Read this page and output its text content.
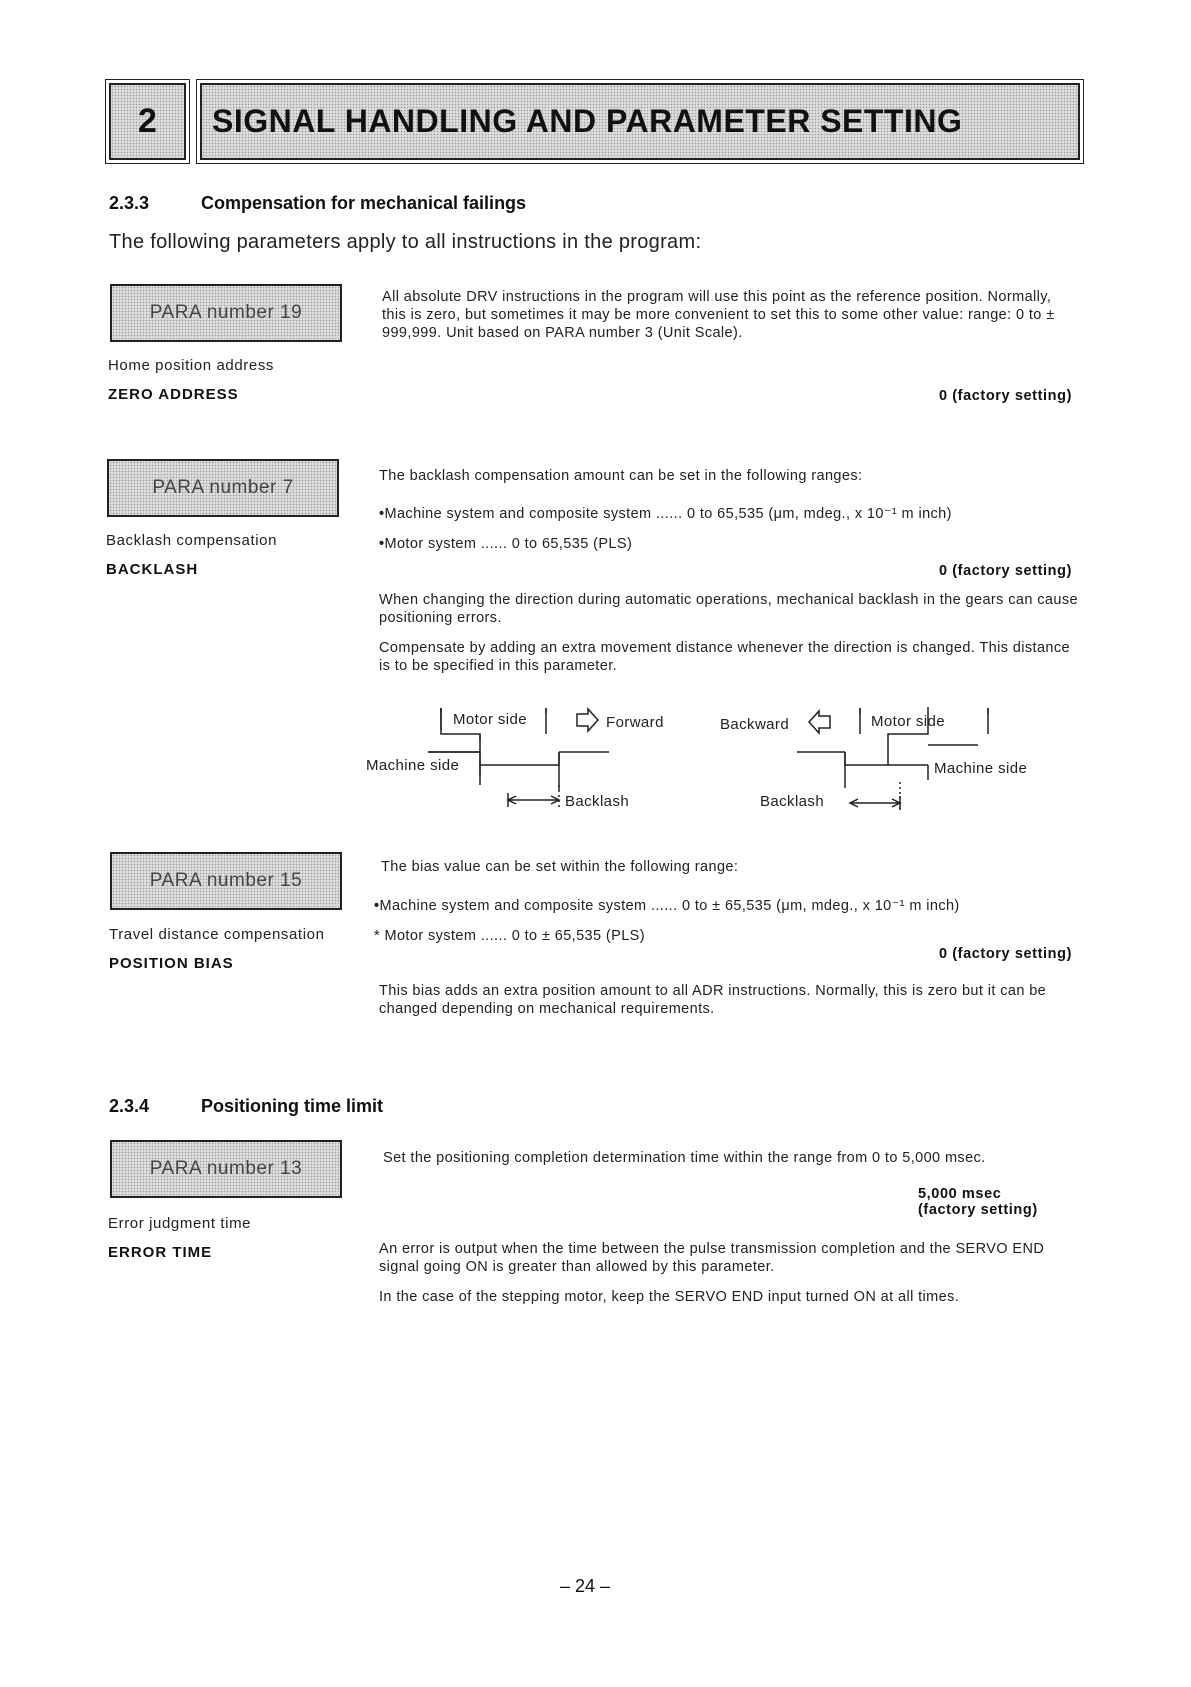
2	SIGNAL HANDLING AND PARAMETER SETTING
2.3.3	Compensation for mechanical failings
The following parameters apply to all instructions in the program:
PARA number 19
Home position address
ZERO ADDRESS

All absolute DRV instructions in the program will use this point as the reference position. Normally, this is zero, but sometimes it may be more convenient to set this to some other value: range: 0 to ± 999,999. Unit based on PARA number 3 (Unit Scale).

0 (factory setting)
PARA number 7
Backlash compensation
BACKLASH
The backlash compensation amount can be set in the following ranges:
•Machine system and composite system ...... 0 to 65,535 (μm, mdeg., x 10⁻¹ m inch)
•Motor system ...... 0 to 65,535 (PLS)
0 (factory setting)
When changing the direction during automatic operations, mechanical backlash in the gears can cause positioning errors.
Compensate by adding an extra movement distance whenever the direction is changed. This distance is to be specified in this parameter.
Motor side	Forward	Backward	Motor side
Machine side	Machine side
Backlash	Backlash
PARA number 15
Travel distance compensation
POSITION BIAS
The bias value can be set within the following range:
•Machine system and composite system ...... 0 to ± 65,535 (μm, mdeg., x 10⁻¹ m inch)
* Motor system ...... 0 to ± 65,535 (PLS)
0 (factory setting)
This bias adds an extra position amount to all ADR instructions. Normally, this is zero but it can be changed depending on mechanical requirements.
2.3.4	Positioning time limit
PARA number 13
Error judgment time
ERROR TIME
Set the positioning completion determination time within the range from 0 to 5,000 msec.
5,000 msec
(factory setting)
An error is output when the time between the pulse transmission completion and the SERVO END signal going ON is greater than allowed by this parameter.
In the case of the stepping motor, keep the SERVO END input turned ON at all times.
– 24 –
